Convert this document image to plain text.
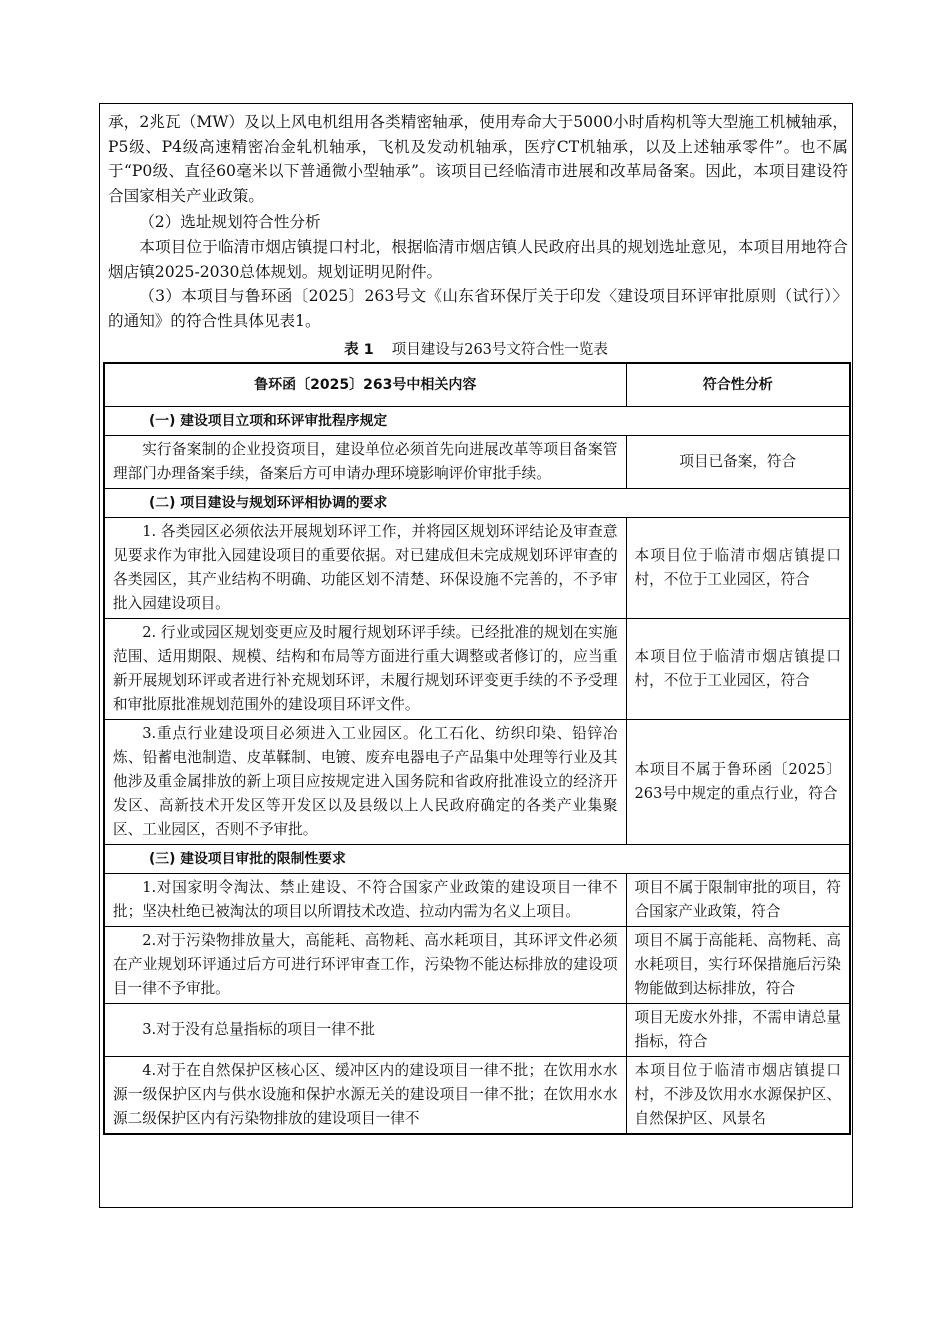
承，2兆瓦（MW）及以上风电机组用各类精密轴承，使用寿命大于5000小时盾构机等大型施工机械轴承，P5级、P4级高速精密冶金轧机轴承，飞机及发动机轴承，医疗CT机轴承，以及上述轴承零件”。也不属于“P0级、直径60毫米以下普通微小型轴承”。该项目已经临清市进展和改革局备案。因此，本项目建设符合国家相关产业政策。
（2）选址规划符合性分析
本项目位于临清市烟店镇提口村北，根据临清市烟店镇人民政府出具的规划选址意见，本项目用地符合烟店镇2025-2030总体规划。规划证明见附件。
（3）本项目与鲁环函〔2025〕263号文《山东省环保厅关于印发〈建设项目环评审批原则（试行）〉的通知》的符合性具体见表1。
表 1 项目建设与263号文符合性一览表
鲁环函〔2025〕263号中相关内容	符合性分析
(一) 建设项目立项和环评审批程序规定	
实行备案制的企业投资项目，建设单位必须首先向进展改革等项目备案管理部门办理备案手续，备案后方可申请办理环境影响评价审批手续。	项目已备案，符合
(二) 项目建设与规划环评相协调的要求	
1. 各类园区必须依法开展规划环评工作，并将园区规划环评结论及审查意见要求作为审批入园建设项目的重要依据。对已建成但未完成规划环评审查的各类园区，其产业结构不明确、功能区划不清楚、环保设施不完善的，不予审批入园建设项目。	本项目位于临清市烟店镇提口村，不位于工业园区，符合
2. 行业或园区规划变更应及时履行规划环评手续。已经批准的规划在实施范围、适用期限、规模、结构和布局等方面进行重大调整或者修订的，应当重新开展规划环评或者进行补充规划环评，未履行规划环评变更手续的不予受理和审批原批准规划范围外的建设项目环评文件。	本项目位于临清市烟店镇提口村，不位于工业园区，符合
3.重点行业建设项目必须进入工业园区。化工石化、纺织印染、铅锌冶炼、铅蓄电池制造、皮革鞣制、电镀、废弃电器电子产品集中处理等行业及其他涉及重金属排放的新上项目应按规定进入国务院和省政府批准设立的经济开发区、高新技术开发区等开发区以及县级以上人民政府确定的各类产业集聚区、工业园区，否则不予审批。	本项目不属于鲁环函〔2025〕263号中规定的重点行业，符合
(三) 建设项目审批的限制性要求	
1.对国家明令淘汰、禁止建设、不符合国家产业政策的建设项目一律不批；坚决杜绝已被淘汰的项目以所谓技术改造、拉动内需为名义上项目。	项目不属于限制审批的项目，符合国家产业政策，符合
2.对于污染物排放量大，高能耗、高物耗、高水耗项目，其环评文件必须在产业规划环评通过后方可进行环评审查工作，污染物不能达标排放的建设项目一律不予审批。	项目不属于高能耗、高物耗、高水耗项目，实行环保措施后污染物能做到达标排放，符合
3.对于没有总量指标的项目一律不批	项目无废水外排，不需申请总量指标，符合
4.对于在自然保护区核心区、缓冲区内的建设项目一律不批；在饮用水水源一级保护区内与供水设施和保护水源无关的建设项目一律不批；在饮用水水源二级保护区内有污染物排放的建设项目一律不	本项目位于临清市烟店镇提口村，不涉及饮用水水源保护区、自然保护区、风景名
